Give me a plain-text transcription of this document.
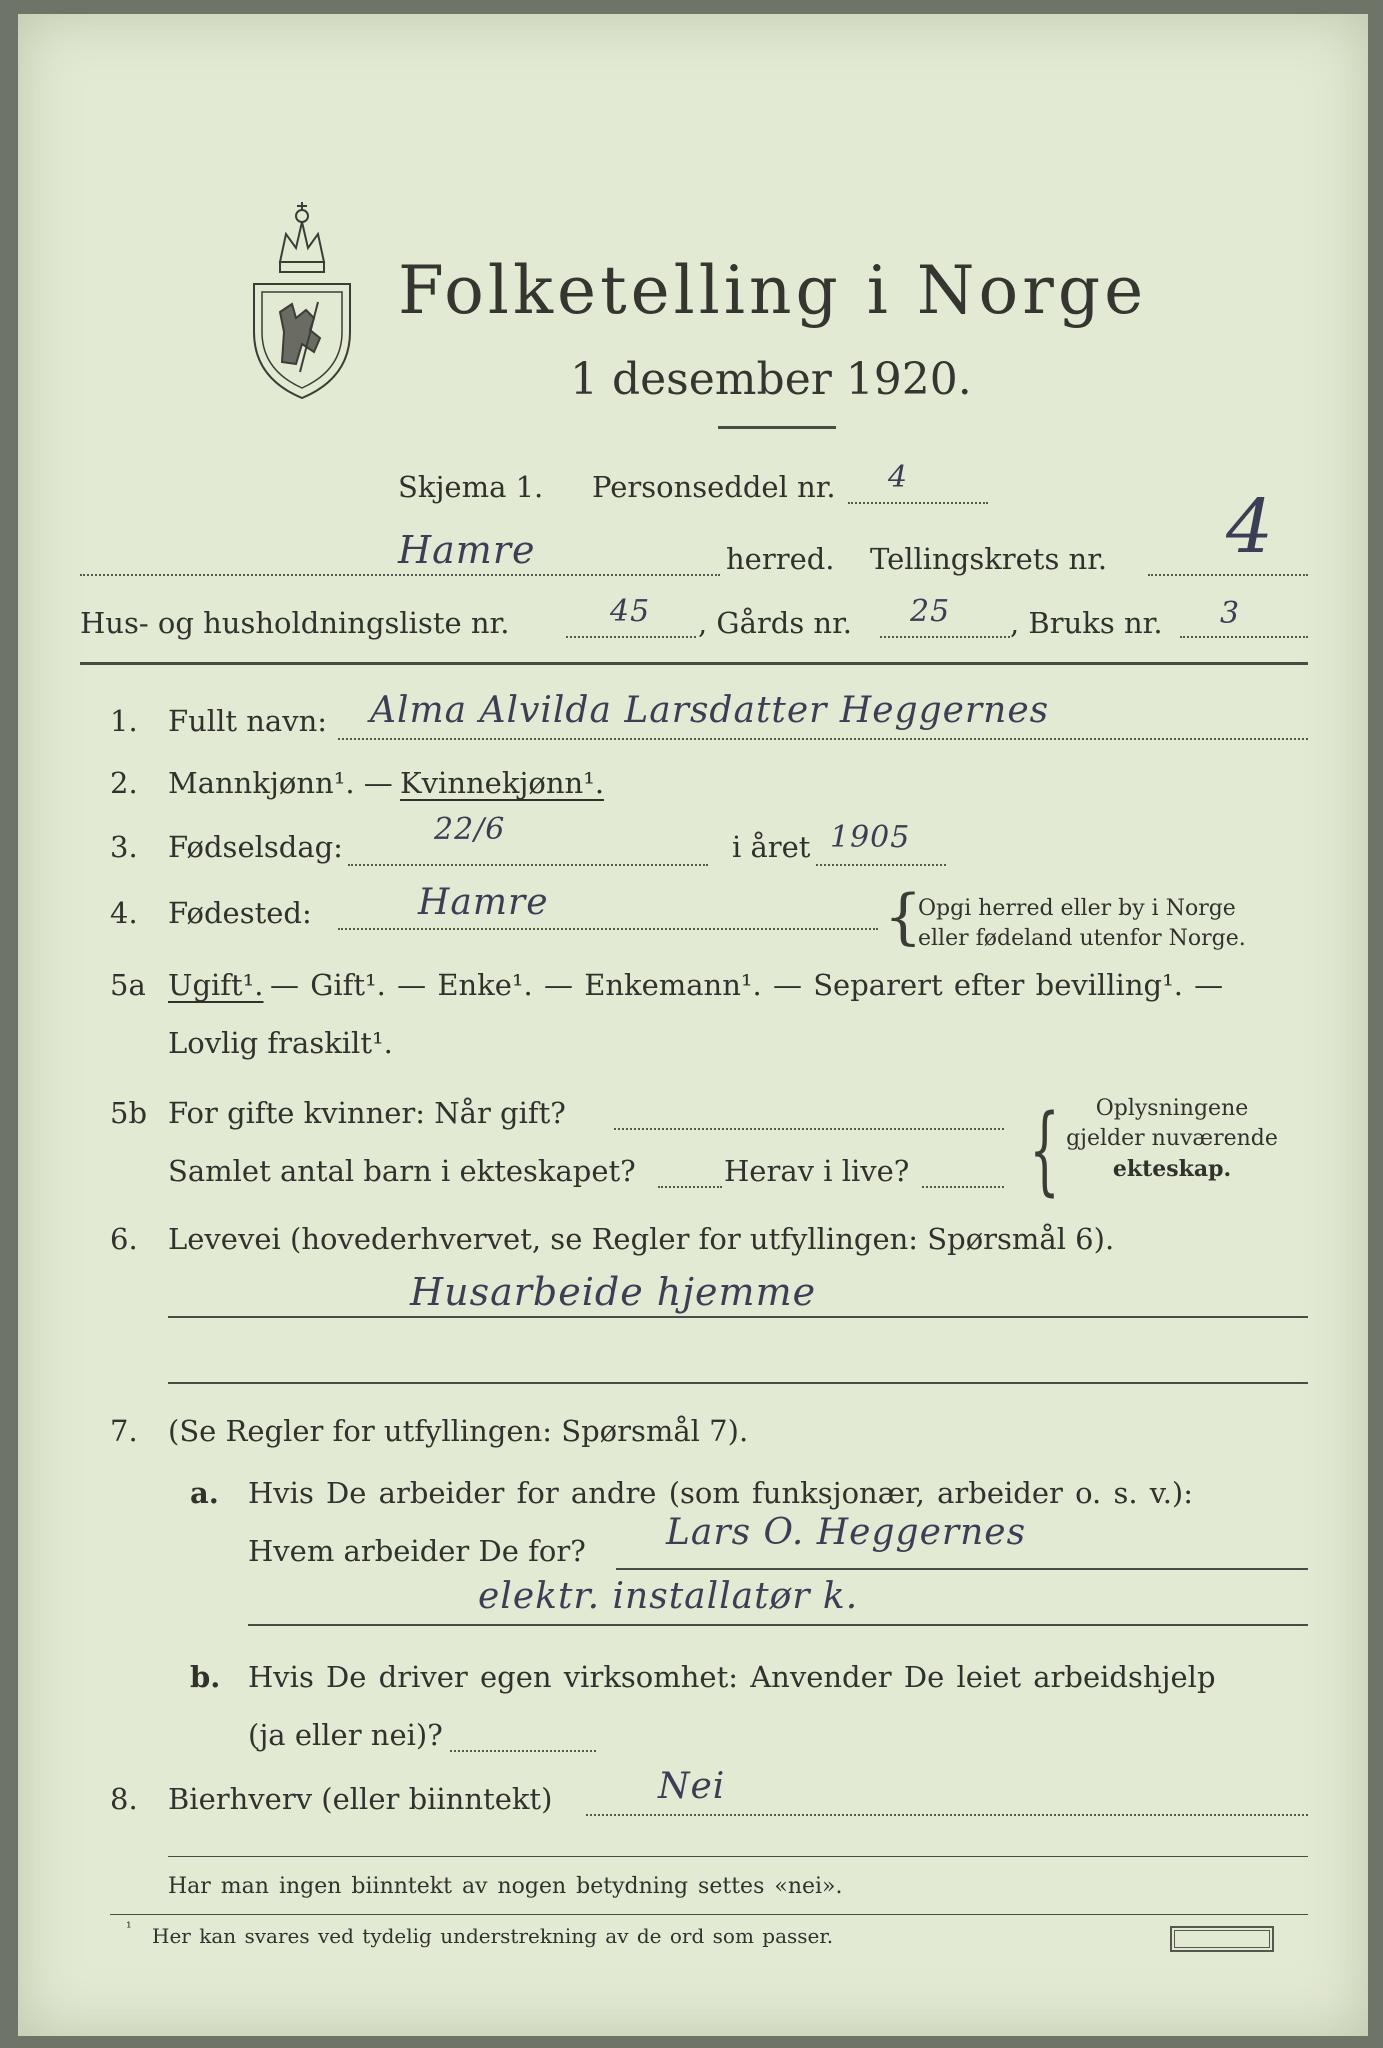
Folketelling i Norge
1 desember 1920.
Skjema 1. Personseddel nr. 4
Hamre	herred. Tellingskrets nr. 4
Hus- og husholdningsliste nr.	45 , Gårds nr. 25 , Bruks nr. 3
1. Fullt navn: Alma Alvilda Larsdatter Heggernes
2. Mannkjønn¹. — Kvinnekjønn¹.
3. Fødselsdag:	22/6	i året 1905
4. Fødested:	Hamre	{
Opgi herred eller by i Norge
eller fødeland utenfor Norge.
5a Ugift¹. — Gift¹. — Enke¹. — Enkemann¹. — Separert efter bevilling¹. —
Lovlig fraskilt¹.
5b For gifte kvinner: Når gift?
Samlet antal barn i ekteskapet?	Herav i live? {	Oplysningene
gjelder nuværende
ekteskap.
6. Levevei (hovederhvervet, se Regler for utfyllingen: Spørsmål 6).
Husarbeide hjemme
7. (Se Regler for utfyllingen: Spørsmål 7).
a. Hvis De arbeider for andre (som funksjonær, arbeider o. s. v.):
Hvem arbeider De for? Lars O. Heggernes
elektr. installatør k.
b. Hvis De driver egen virksomhet: Anvender De leiet arbeidshjelp
(ja eller nei)?
8. Bierhverv (eller biinntekt)	Nei
Har man ingen biinntekt av nogen betydning settes «nei».
¹ Her kan svares ved tydelig understrekning av de ord som passer.
